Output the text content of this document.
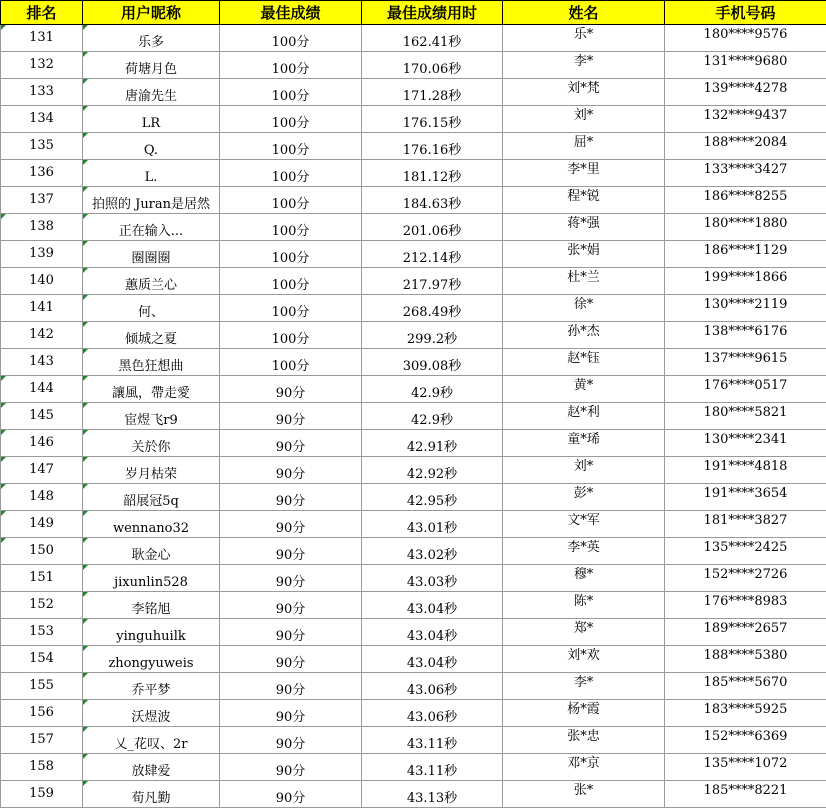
排名	用户昵称	最佳成绩	最佳成绩用时	姓名	手机号码
131	乐多	100分	162.41秒	乐*	180****9576
132	荷塘月色	100分	170.06秒	李*	131****9680
133	唐渝先生	100分	171.28秒	刘*梵	139****4278
134	LR	100分	176.15秒	刘*	132****9437
135	Q.	100分	176.16秒	屈*	188****2084
136	L.	100分	181.12秒	李*里	133****3427
137	拍照的 Juran是居然	100分	184.63秒	程*锐	186****8255
138	正在输入...	100分	201.06秒	蒋*强	180****1880
139	圈圈圈	100分	212.14秒	张*娟	186****1129
140	蕙质兰心	100分	217.97秒	杜*兰	199****1866
141	何、	100分	268.49秒	徐*	130****2119
142	倾城之夏	100分	299.2秒	孙*杰	138****6176
143	黑色狂想曲	100分	309.08秒	赵*钰	137****9615
144	讓風，帶走愛	90分	42.9秒	黄*	176****0517
145	宦煜飞r9	90分	42.9秒	赵*利	180****5821
146	关於你	90分	42.91秒	童*琋	130****2341
147	岁月枯荣	90分	42.92秒	刘*	191****4818
148	韶展冠5q	90分	42.95秒	彭*	191****3654
149	wennano32	90分	43.01秒	文*军	181****3827
150	耿金心	90分	43.02秒	李*英	135****2425
151	jixunlin528	90分	43.03秒	穆*	152****2726
152	李铭旭	90分	43.04秒	陈*	176****8983
153	yinguhuilk	90分	43.04秒	郑*	189****2657
154	zhongyuweis	90分	43.04秒	刘*欢	188****5380
155	乔平梦	90分	43.06秒	李*	185****5670
156	沃煜波	90分	43.06秒	杨*霞	183****5925
157	乂_花叹、2r	90分	43.11秒	张*忠	152****6369
158	放肆爱	90分	43.11秒	邓*京	135****1072
159	荀凡勤	90分	43.13秒	张*	185****8221
